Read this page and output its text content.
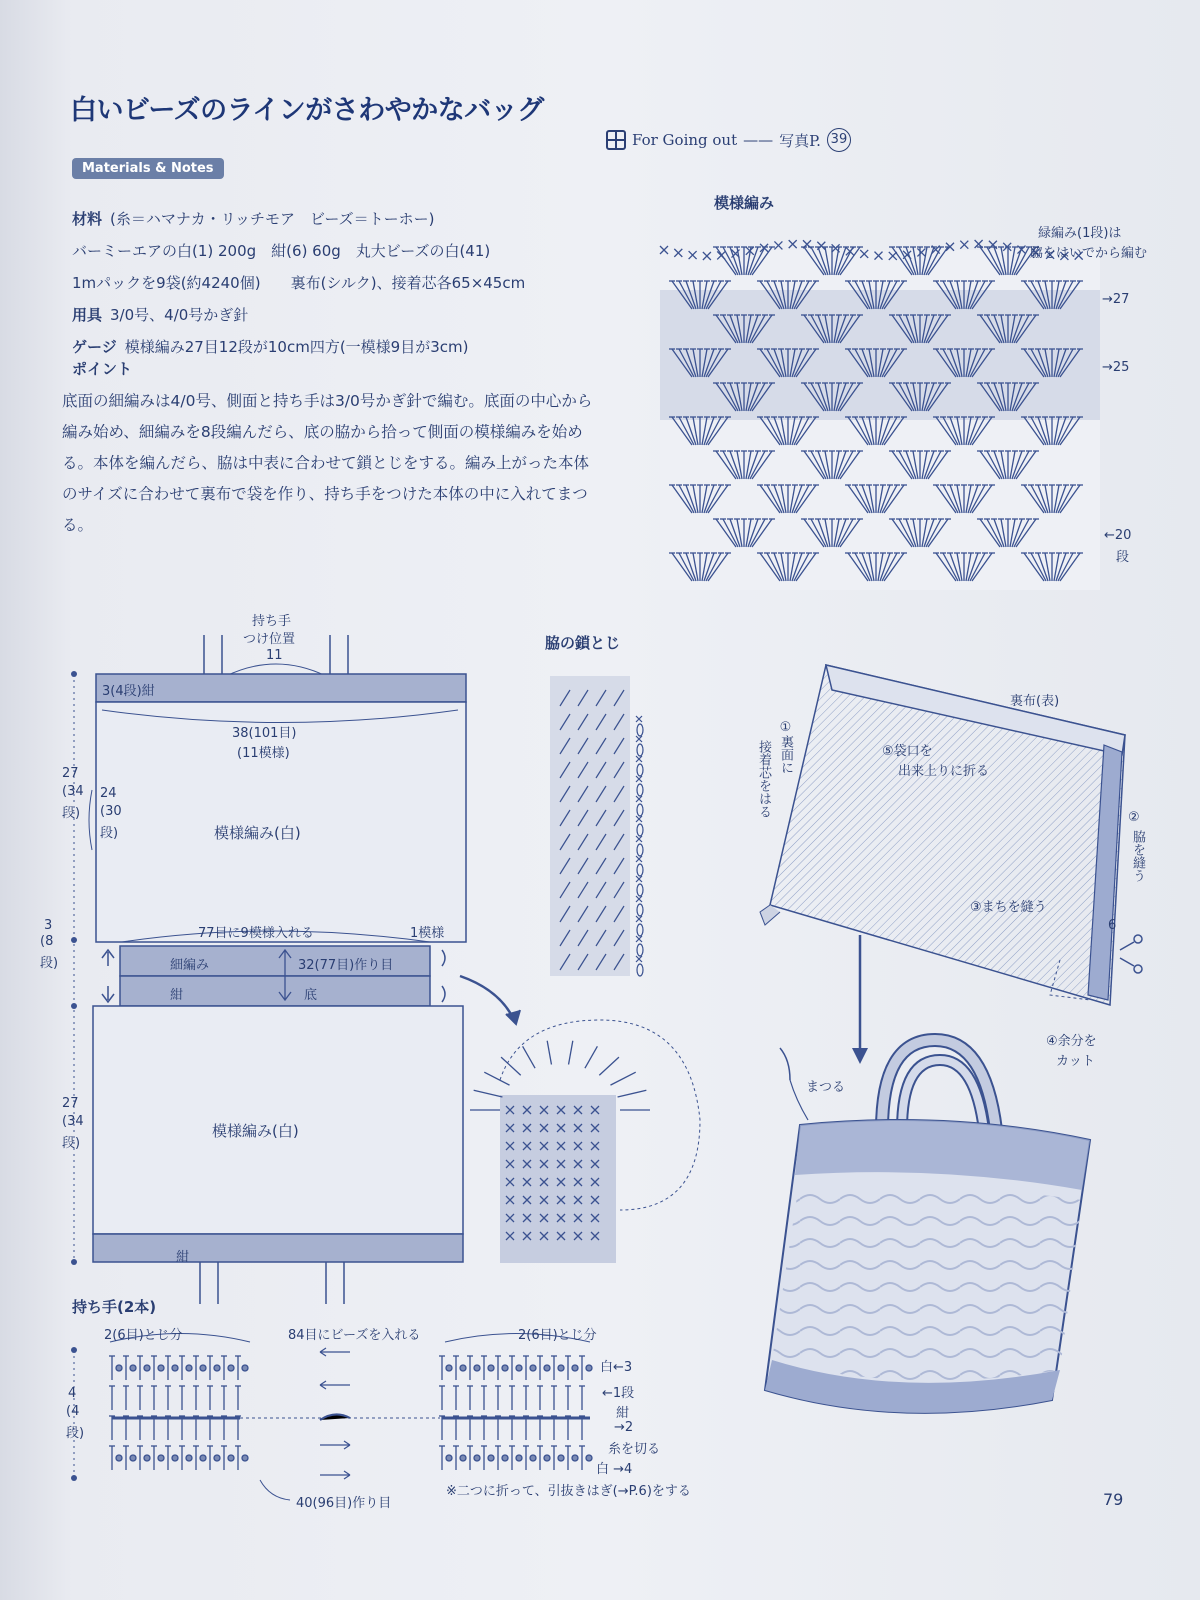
白いビーズのラインがさわやかなバッグ
For Going out —— 写真P. 39
Materials & Notes
材料 (糸＝ハマナカ・リッチモア　ビーズ＝トーホー)
バーミーエアの白(1) 200g　紺(6) 60g　丸大ビーズの白(41)
1mパックを9袋(約4240個)　　裏布(シルク)、接着芯各65×45cm
用具 3/0号、4/0号かぎ針
ゲージ 模様編み27目12段が10cm四方(一模様9目が3cm)
ポイント
底面の細編みは4/0号、側面と持ち手は3/0号かぎ針で編む。底面の中心から編み始め、細編みを8段編んだら、底の脇から拾って側面の模様編みを始める。本体を編んだら、脇は中表に合わせて鎖とじをする。編み上がった本体のサイズに合わせて裏布で袋を作り、持ち手をつけた本体の中に入れてまつる。
模様編み
緑編み(1段)は
脇をはいでから編む
→27
→25
←20
段
持ち手
つけ位置
11
3(4段)紺
38(101目)
(11模様)
27
(34
段)
24
(30
段)	模様編み(白)
3
(8
段)
77目に9模様入れる	1模様
細編み
紺	底
32(77目)作り目
27
(34
段)
模様編み(白)
紺
脇の鎖とじ
裏布(表)
①裏面に
接着芯をはる
⑤袋口を
出来上りに折る
②
脇を縫う
③まちを縫う
6
④余分を
カット
まつる
持ち手(2本)
2(6目)とじ分	84目にビーズを入れる	2(6目)とじ分
白←3
←1段
紺
→2
糸を切る
白 →4
4
(4
段)
40(96目)作り目
※二つに折って、引抜きはぎ(→P.6)をする	79
